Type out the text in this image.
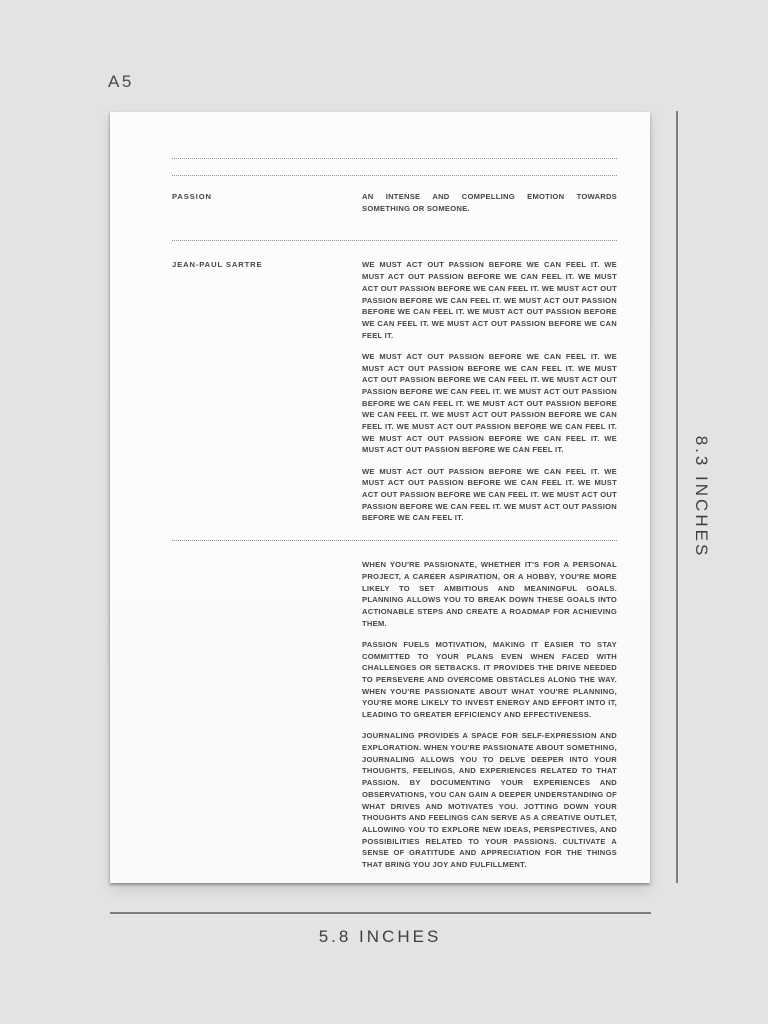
A5
PASSION	AN INTENSE AND COMPELLING EMOTION TOWARDS SOMETHING OR SOMEONE.
JEAN-PAUL SARTRE	WE MUST ACT OUT PASSION BEFORE WE CAN FEEL IT. WE MUST ACT OUT PASSION BEFORE WE CAN FEEL IT. WE MUST ACT OUT PASSION BEFORE WE CAN FEEL IT. WE MUST ACT OUT PASSION BEFORE WE CAN FEEL IT. WE MUST ACT OUT PASSION BEFORE WE CAN FEEL IT. WE MUST ACT OUT PASSION BEFORE WE CAN FEEL IT. WE MUST ACT OUT PASSION BEFORE WE CAN FEEL IT.

WE MUST ACT OUT PASSION BEFORE WE CAN FEEL IT. WE MUST ACT OUT PASSION BEFORE WE CAN FEEL IT. WE MUST ACT OUT PASSION BEFORE WE CAN FEEL IT. WE MUST ACT OUT PASSION BEFORE WE CAN FEEL IT. WE MUST ACT OUT PASSION BEFORE WE CAN FEEL IT. WE MUST ACT OUT PASSION BEFORE WE CAN FEEL IT. WE MUST ACT OUT PASSION BEFORE WE CAN FEEL IT. WE MUST ACT OUT PASSION BEFORE WE CAN FEEL IT. WE MUST ACT OUT PASSION BEFORE WE CAN FEEL IT. WE MUST ACT OUT PASSION BEFORE WE CAN FEEL IT.

WE MUST ACT OUT PASSION BEFORE WE CAN FEEL IT. WE MUST ACT OUT PASSION BEFORE WE CAN FEEL IT. WE MUST ACT OUT PASSION BEFORE WE CAN FEEL IT. WE MUST ACT OUT PASSION BEFORE WE CAN FEEL IT. WE MUST ACT OUT PASSION BEFORE WE CAN FEEL IT.

WHEN YOU'RE PASSIONATE, WHETHER IT'S FOR A PERSONAL PROJECT, A CAREER ASPIRATION, OR A HOBBY, YOU'RE MORE LIKELY TO SET AMBITIOUS AND MEANINGFUL GOALS. PLANNING ALLOWS YOU TO BREAK DOWN THESE GOALS INTO ACTIONABLE STEPS AND CREATE A ROADMAP FOR ACHIEVING THEM.

PASSION FUELS MOTIVATION, MAKING IT EASIER TO STAY COMMITTED TO YOUR PLANS EVEN WHEN FACED WITH CHALLENGES OR SETBACKS. IT PROVIDES THE DRIVE NEEDED TO PERSEVERE AND OVERCOME OBSTACLES ALONG THE WAY. WHEN YOU'RE PASSIONATE ABOUT WHAT YOU'RE PLANNING, YOU'RE MORE LIKELY TO INVEST ENERGY AND EFFORT INTO IT, LEADING TO GREATER EFFICIENCY AND EFFECTIVENESS.

JOURNALING PROVIDES A SPACE FOR SELF-EXPRESSION AND EXPLORATION. WHEN YOU'RE PASSIONATE ABOUT SOMETHING, JOURNALING ALLOWS YOU TO DELVE DEEPER INTO YOUR THOUGHTS, FEELINGS, AND EXPERIENCES RELATED TO THAT PASSION. BY DOCUMENTING YOUR EXPERIENCES AND OBSERVATIONS, YOU CAN GAIN A DEEPER UNDERSTANDING OF WHAT DRIVES AND MOTIVATES YOU. JOTTING DOWN YOUR THOUGHTS AND FEELINGS CAN SERVE AS A CREATIVE OUTLET, ALLOWING YOU TO EXPLORE NEW IDEAS, PERSPECTIVES, AND POSSIBILITIES RELATED TO YOUR PASSIONS. CULTIVATE A SENSE OF GRATITUDE AND APPRECIATION FOR THE THINGS THAT BRING YOU JOY AND FULFILLMENT.

8.3 INCHES
5.8 INCHES
